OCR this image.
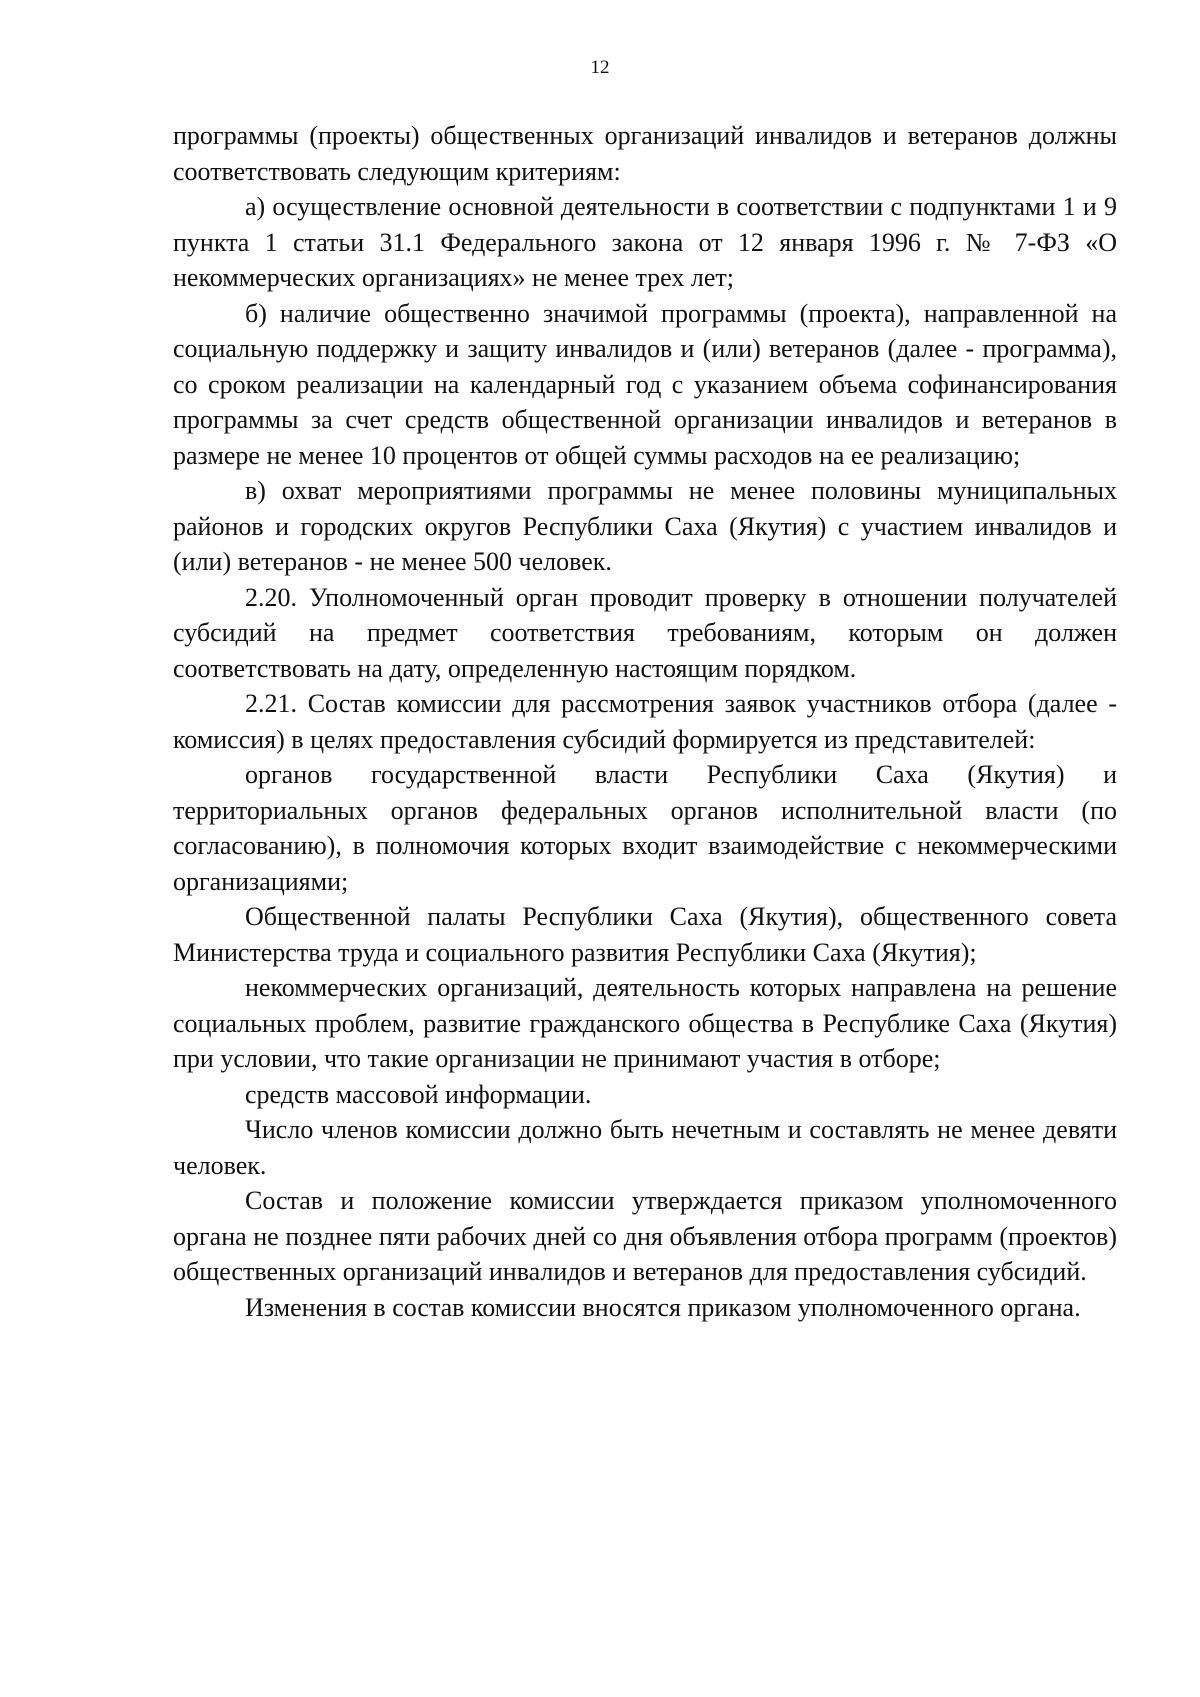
12

программы (проекты) общественных организаций инвалидов и ветеранов должны соответствовать следующим критериям:

а) осуществление основной деятельности в соответствии с подпунктами 1 и 9 пункта 1 статьи 31.1 Федерального закона от 12 января 1996 г. № 7-ФЗ «О некоммерческих организациях» не менее трех лет;

б) наличие общественно значимой программы (проекта), направленной на социальную поддержку и защиту инвалидов и (или) ветеранов (далее - программа), со сроком реализации на календарный год с указанием объема софинансирования программы за счет средств общественной организации инвалидов и ветеранов в размере не менее 10 процентов от общей суммы расходов на ее реализацию;

в) охват мероприятиями программы не менее половины муниципальных районов и городских округов Республики Саха (Якутия) с участием инвалидов и (или) ветеранов - не менее 500 человек.

2.20. Уполномоченный орган проводит проверку в отношении получателей субсидий на предмет соответствия требованиям, которым он должен соответствовать на дату, определенную настоящим порядком.

2.21. Состав комиссии для рассмотрения заявок участников отбора (далее - комиссия) в целях предоставления субсидий формируется из представителей:

органов государственной власти Республики Саха (Якутия) и территориальных органов федеральных органов исполнительной власти (по согласованию), в полномочия которых входит взаимодействие с некоммерческими организациями;

Общественной палаты Республики Саха (Якутия), общественного совета Министерства труда и социального развития Республики Саха (Якутия);

некоммерческих организаций, деятельность которых направлена на решение социальных проблем, развитие гражданского общества в Республике Саха (Якутия) при условии, что такие организации не принимают участия в отборе;

средств массовой информации.

Число членов комиссии должно быть нечетным и составлять не менее девяти человек.

Состав и положение комиссии утверждается приказом уполномоченного органа не позднее пяти рабочих дней со дня объявления отбора программ (проектов) общественных организаций инвалидов и ветеранов для предоставления субсидий.

Изменения в состав комиссии вносятся приказом уполномоченного органа.
